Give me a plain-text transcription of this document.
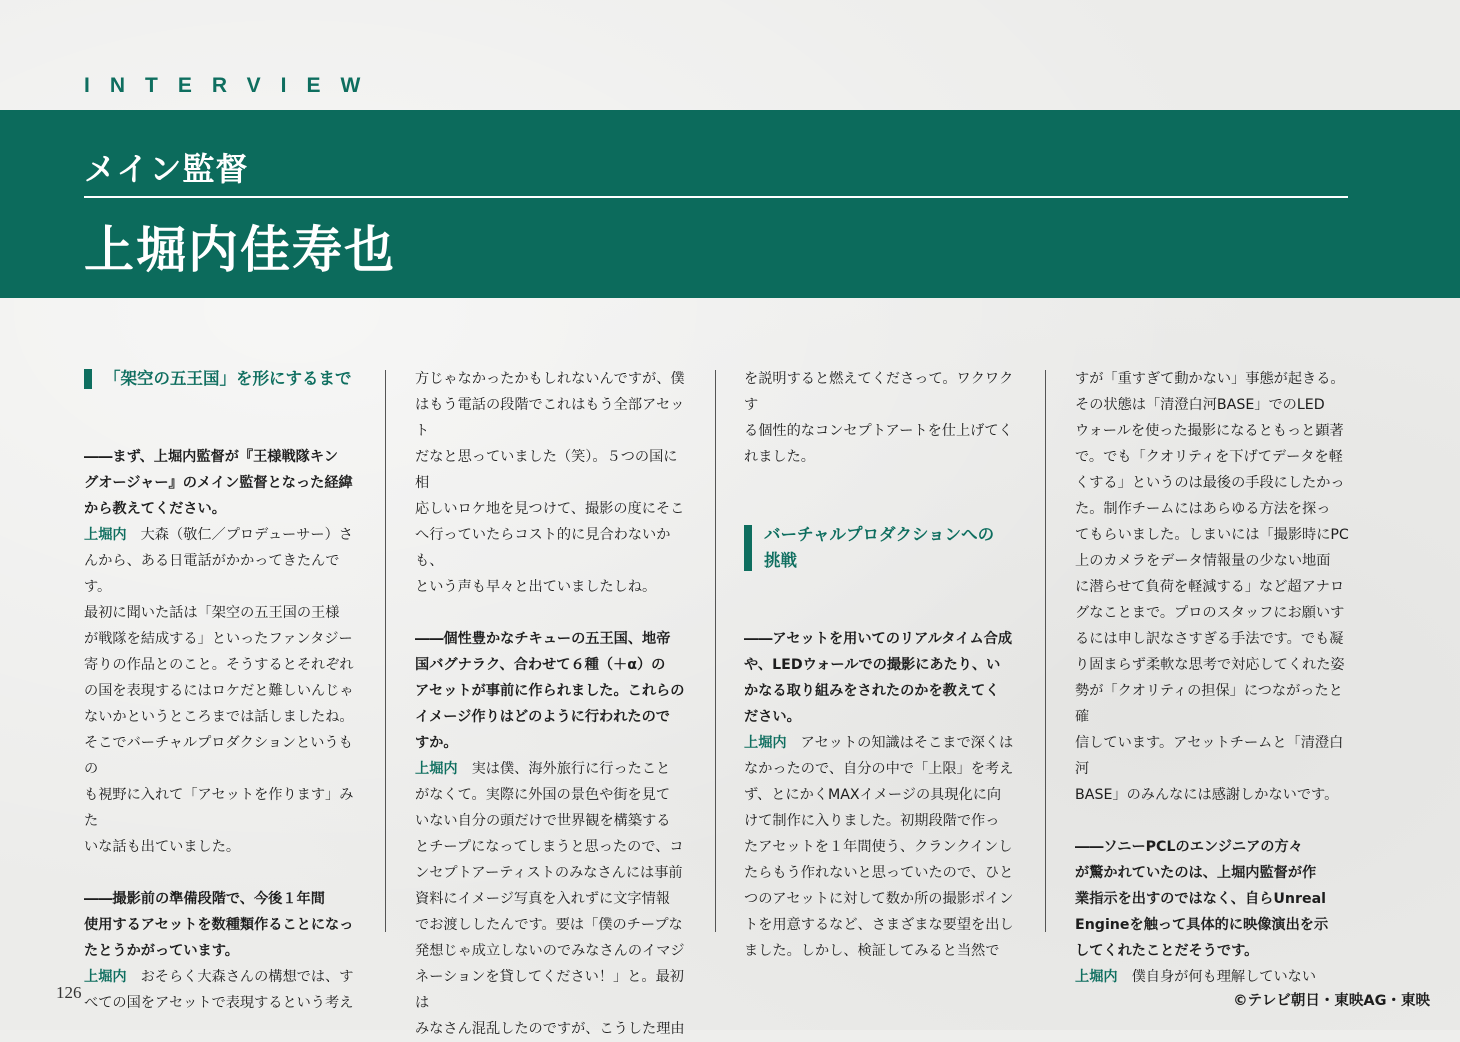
INTERVIEW
メイン監督
上堀内佳寿也

「架空の五王国」を形にするまで

――まず、上堀内監督が『王様戦隊キン
グオージャー』のメイン監督となった経緯
から教えてください。

上堀内 大森（敬仁／プロデューサー）さ
んから、ある日電話がかかってきたんです。
最初に聞いた話は「架空の五王国の王様
が戦隊を結成する」といったファンタジー
寄りの作品とのこと。そうするとそれぞれ
の国を表現するにはロケだと難しいんじゃ
ないかというところまでは話しましたね。
そこでバーチャルプロダクションというもの
も視野に入れて「アセットを作ります」みた
いな話も出ていました。

――撮影前の準備段階で、今後１年間
使用するアセットを数種類作ることになっ
たとうかがっています。

上堀内 おそらく大森さんの構想では、す
べての国をアセットで表現するという考え

方じゃなかったかもしれないんですが、僕
はもう電話の段階でこれはもう全部アセット
だなと思っていました（笑）。５つの国に相
応しいロケ地を見つけて、撮影の度にそこ
へ行っていたらコスト的に見合わないかも、
という声も早々と出ていましたしね。

――個性豊かなチキューの五王国、地帝
国バグナラク、合わせて６種（＋α）の
アセットが事前に作られました。これらの
イメージ作りはどのように行われたので
すか。

上堀内 実は僕、海外旅行に行ったこと
がなくて。実際に外国の景色や街を見て
いない自分の頭だけで世界観を構築する
とチープになってしまうと思ったので、コ
ンセプトアーティストのみなさんには事前
資料にイメージ写真を入れずに文字情報
でお渡ししたんです。要は「僕のチープな
発想じゃ成立しないのでみなさんのイマジ
ネーションを貸してください！」と。最初は
みなさん混乱したのですが、こうした理由

を説明すると燃えてくださって。ワクワクす
る個性的なコンセプトアートを仕上げてく
れました。

バーチャルプロダクションへの
挑戦

――アセットを用いてのリアルタイム合成
や、LEDウォールでの撮影にあたり、い
かなる取り組みをされたのかを教えてく
ださい。

上堀内 アセットの知識はそこまで深くは
なかったので、自分の中で「上限」を考え
ず、とにかくMAXイメージの具現化に向
けて制作に入りました。初期段階で作っ
たアセットを１年間使う、クランクインし
たらもう作れないと思っていたので、ひと
つのアセットに対して数か所の撮影ポイン
トを用意するなど、さまざまな要望を出し
ました。しかし、検証してみると当然で

すが「重すぎて動かない」事態が起きる。
その状態は「清澄白河BASE」でのLED
ウォールを使った撮影になるともっと顕著
で。でも「クオリティを下げてデータを軽
くする」というのは最後の手段にしたかっ
た。制作チームにはあらゆる方法を探っ
てもらいました。しまいには「撮影時にPC
上のカメラをデータ情報量の少ない地面
に潜らせて負荷を軽減する」など超アナロ
グなことまで。プロのスタッフにお願いす
るには申し訳なさすぎる手法です。でも凝
り固まらず柔軟な思考で対応してくれた姿
勢が「クオリティの担保」につながったと確
信しています。アセットチームと「清澄白河
BASE」のみんなには感謝しかないです。

――ソニーPCLのエンジニアの方々
が驚かれていたのは、上堀内監督が作
業指示を出すのではなく、自らUnreal
Engineを触って具体的に映像演出を示
してくれたことだそうです。

上堀内 僕自身が何も理解していない

126	©テレビ朝日・東映AG・東映
